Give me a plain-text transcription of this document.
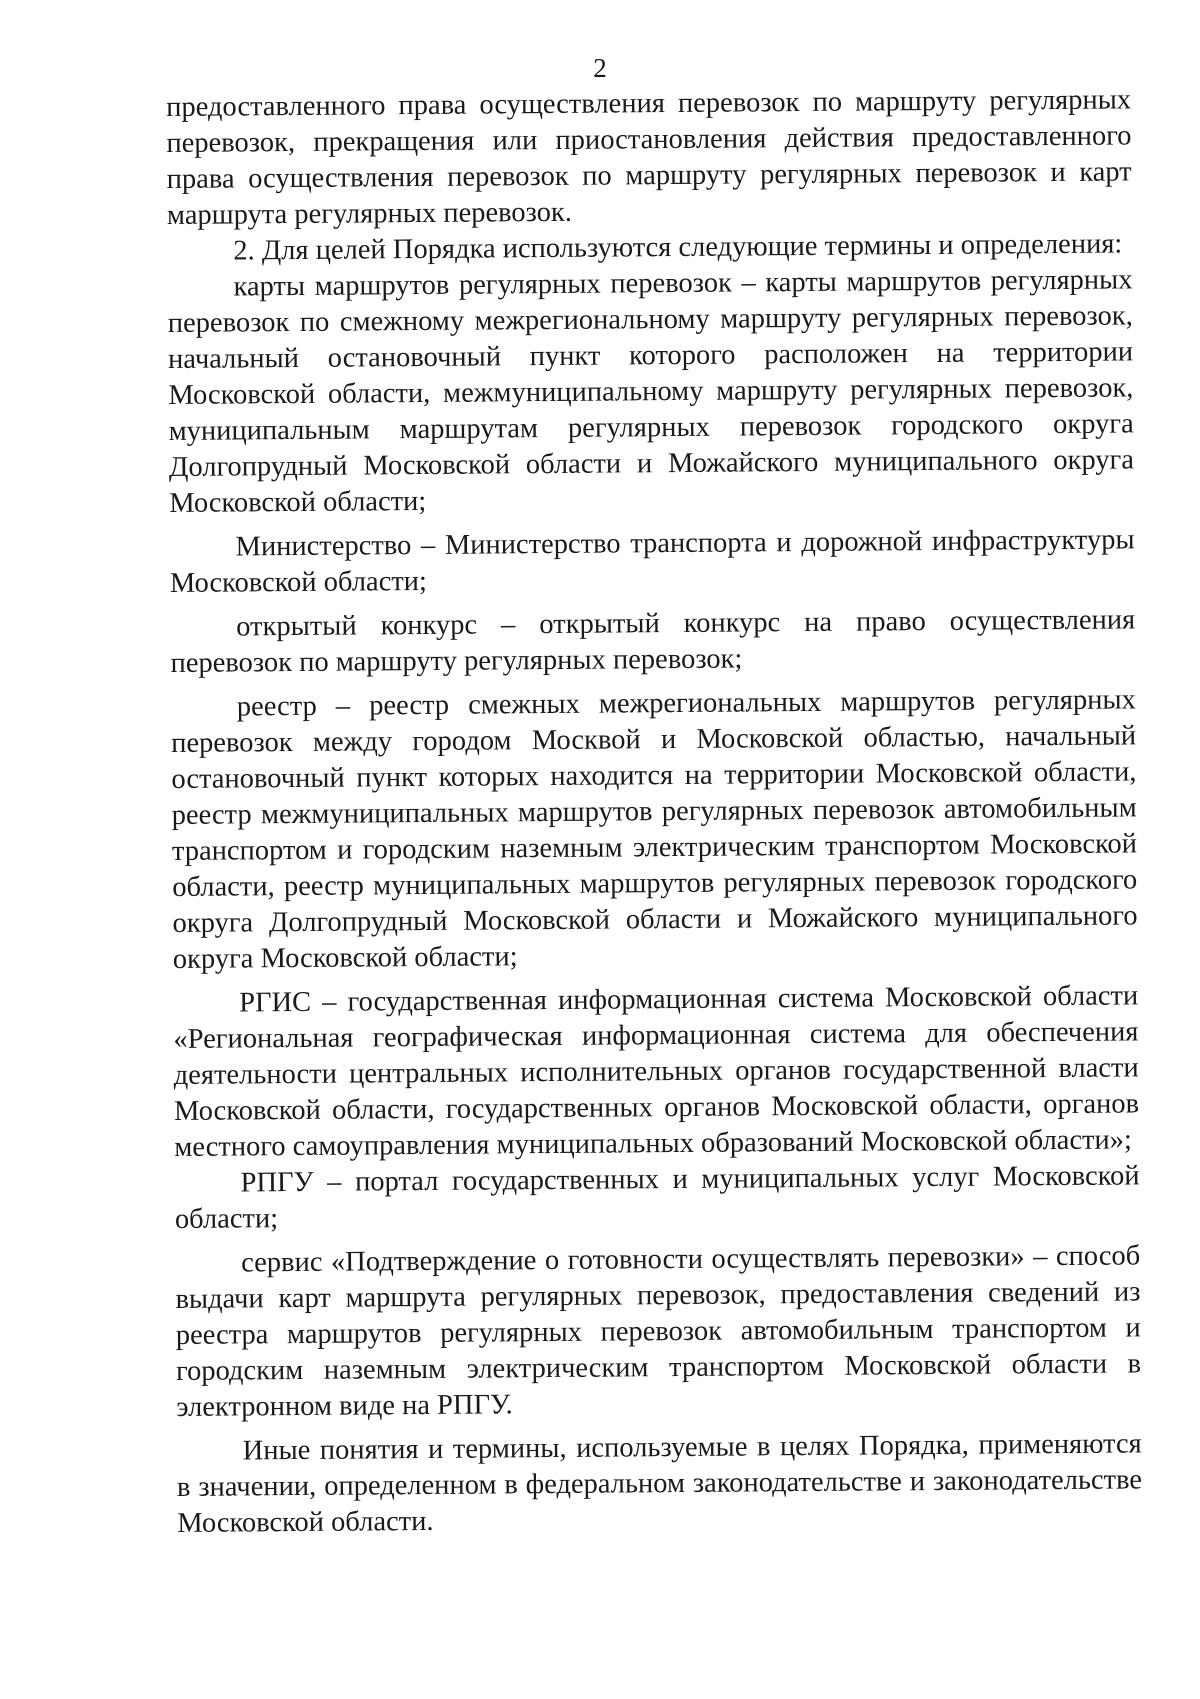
2

предоставленного права осуществления перевозок по маршруту регулярных перевозок, прекращения или приостановления действия предоставленного права осуществления перевозок по маршруту регулярных перевозок и карт маршрута регулярных перевозок.

2. Для целей Порядка используются следующие термины и определения:

карты маршрутов регулярных перевозок – карты маршрутов регулярных перевозок по смежному межрегиональному маршруту регулярных перевозок, начальный остановочный пункт которого расположен на территории Московской области, межмуниципальному маршруту регулярных перевозок, муниципальным маршрутам регулярных перевозок городского округа Долгопрудный Московской области и Можайского муниципального округа Московской области;

Министерство – Министерство транспорта и дорожной инфраструктуры Московской области;

открытый конкурс – открытый конкурс на право осуществления перевозок по маршруту регулярных перевозок;

реестр – реестр смежных межрегиональных маршрутов регулярных перевозок между городом Москвой и Московской областью, начальный остановочный пункт которых находится на территории Московской области, реестр межмуниципальных маршрутов регулярных перевозок автомобильным транспортом и городским наземным электрическим транспортом Московской области, реестр муниципальных маршрутов регулярных перевозок городского округа Долгопрудный Московской области и Можайского муниципального округа Московской области;

РГИС – государственная информационная система Московской области «Региональная географическая информационная система для обеспечения деятельности центральных исполнительных органов государственной власти Московской области, государственных органов Московской области, органов местного самоуправления муниципальных образований Московской области»;

РПГУ – портал государственных и муниципальных услуг Московской области;

сервис «Подтверждение о готовности осуществлять перевозки» – способ выдачи карт маршрута регулярных перевозок, предоставления сведений из реестра маршрутов регулярных перевозок автомобильным транспортом и городским наземным электрическим транспортом Московской области в электронном виде на РПГУ.

Иные понятия и термины, используемые в целях Порядка, применяются в значении, определенном в федеральном законодательстве и законодательстве Московской области.
